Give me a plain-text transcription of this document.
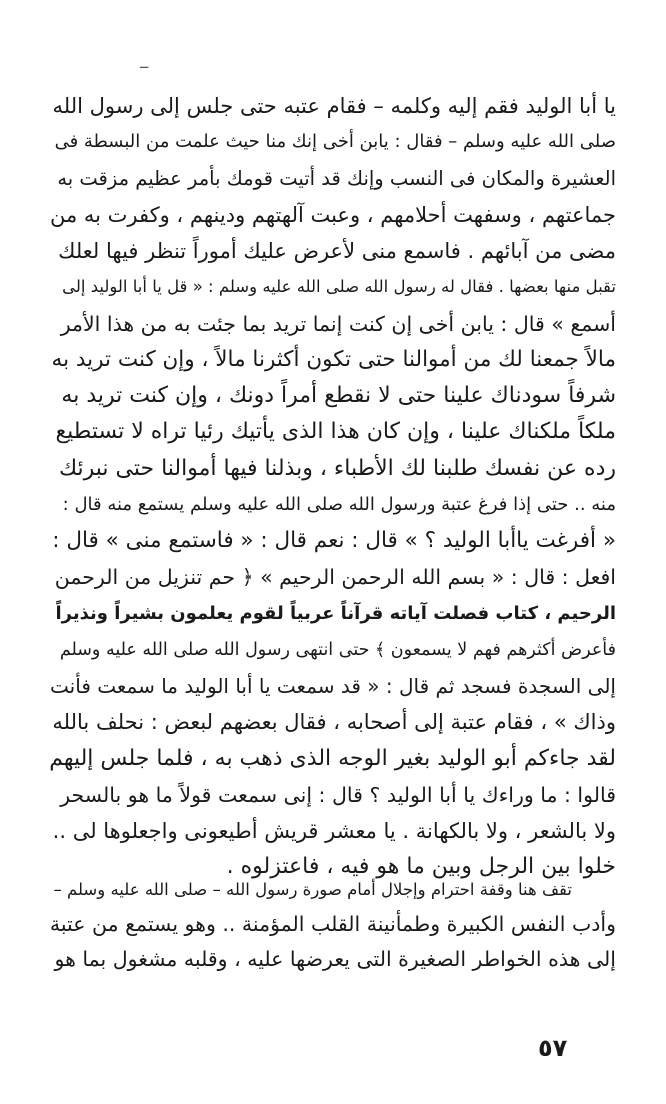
ــ
يا أبا الوليد فقم إليه وكلمه – فقام عتبه حتى جلس إلى رسول الله
صلى الله عليه وسلم – فقال : يابن أخى إنك منا حيث علمت من البسطة فى
العشيرة والمكان فى النسب وإنك قد أتيت قومك بأمر عظيم مزقت به
جماعتهم ، وسفهت أحلامهم ، وعبت آلهتهم ودينهم ، وكفرت به من
مضى من آبائهم . فاسمع منى لأعرض عليك أموراً تنظر فيها لعلك
تقبل منها بعضها . فقال له رسول الله صلى الله عليه وسلم : « قل يا أبا الوليد إلى
أسمع » قال : يابن أخى إن كنت إنما تريد بما جئت به من هذا الأمر
مالاً جمعنا لك من أموالنا حتى تكون أكثرنا مالاً ، وإن كنت تريد به
شرفاً سودناك علينا حتى لا نقطع أمراً دونك ، وإن كنت تريد به
ملكاً ملكناك علينا ، وإن كان هذا الذى يأتيك رئيا تراه لا تستطيع
رده عن نفسك طلبنا لك الأطباء ، وبذلنا فيها أموالنا حتى نبرئك
منه .. حتى إذا فرغ عتبة ورسول الله صلى الله عليه وسلم يستمع منه قال :
« أفرغت ياأبا الوليد ؟ » قال : نعم قال : « فاستمع منى » قال :
افعل : قال : « بسم الله الرحمن الرحيم » ﴿ حم تنزيل من الرحمن
الرحيم ، كتاب فصلت آياته قرآناً عربياً لقوم يعلمون بشيراً ونذيراً
فأعرض أكثرهم فهم لا يسمعون ﴾ حتى انتهى رسول الله صلى الله عليه وسلم
إلى السجدة فسجد ثم قال : « قد سمعت يا أبا الوليد ما سمعت فأنت
وذاك » ، فقام عتبة إلى أصحابه ، فقال بعضهم لبعض : نحلف بالله
لقد جاءكم أبو الوليد بغير الوجه الذى ذهب به ، فلما جلس إليهم
قالوا : ما وراءك يا أبا الوليد ؟ قال : إنى سمعت قولاً ما هو بالسحر
ولا بالشعر ، ولا بالكهانة . يا معشر قريش أطيعونى واجعلوها لى ..
خلوا بين الرجل وبين ما هو فيه ، فاعتزلوه .
تقف هنا وقفة احترام وإجلال أمام صورة رسول الله – صلى الله عليه وسلم –
وأدب النفس الكبيرة وطمأنينة القلب المؤمنة .. وهو يستمع من عتبة
إلى هذه الخواطر الصغيرة التى يعرضها عليه ، وقلبه مشغول بما هو
٥٧
